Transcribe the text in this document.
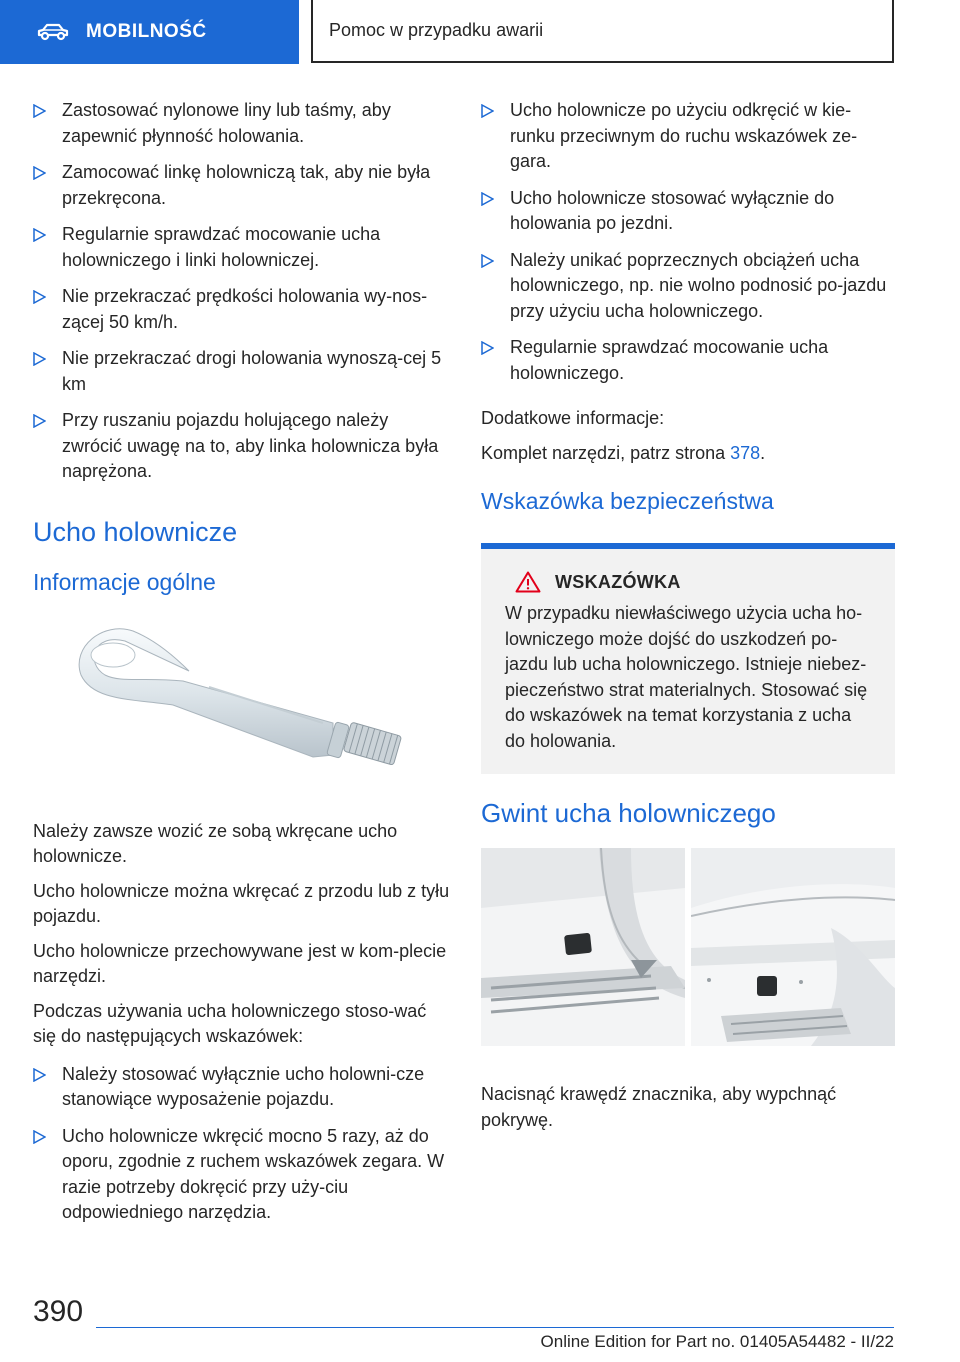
MOBILNOŚĆ	Pomoc w przypadku awarii
Zastosować nylonowe liny lub taśmy, aby zapewnić płynność holowania.
Zamocować linkę holowniczą tak, aby nie była przekręcona.
Regularnie sprawdzać mocowanie ucha holowniczego i linki holowniczej.
Nie przekraczać prędkości holowania wy-noszącej 50 km/h.
Nie przekraczać drogi holowania wynoszą-cej 5 km
Przy ruszaniu pojazdu holującego należy zwrócić uwagę na to, aby linka holownicza była naprężona.
Ucho holownicze
Informacje ogólne

Należy zawsze wozić ze sobą wkręcane ucho holownicze.

Ucho holownicze można wkręcać z przodu lub z tyłu pojazdu.

Ucho holownicze przechowywane jest w kom-plecie narzędzi.

Podczas używania ucha holowniczego stoso-wać się do następujących wskazówek:

Należy stosować wyłącznie ucho holowni-cze stanowiące wyposażenie pojazdu.
Ucho holownicze wkręcić mocno 5 razy, aż do oporu, zgodnie z ruchem wskazówek zegara. W razie potrzeby dokręcić przy uży-ciu odpowiedniego narzędzia.
Ucho holownicze po użyciu odkręcić w kie-runku przeciwnym do ruchu wskazówek ze-gara.
Ucho holownicze stosować wyłącznie do holowania po jezdni.
Należy unikać poprzecznych obciążeń ucha holowniczego, np. nie wolno podnosić po-jazdu przy użyciu ucha holowniczego.
Regularnie sprawdzać mocowanie ucha holowniczego.

Dodatkowe informacje:

Komplet narzędzi, patrz strona 378.

Wskazówka bezpieczeństwa
WSKAZÓWKA

W przypadku niewłaściwego użycia ucha ho-lowniczego może dojść do uszkodzeń po-jazdu lub ucha holowniczego. Istnieje niebez-pieczeństwo strat materialnych. Stosować się do wskazówek na temat korzystania z ucha do holowania.

Gwint ucha holowniczego

Nacisnąć krawędź znacznika, aby wypchnąć pokrywę.

390
Online Edition for Part no. 01405A54482 - II/22
